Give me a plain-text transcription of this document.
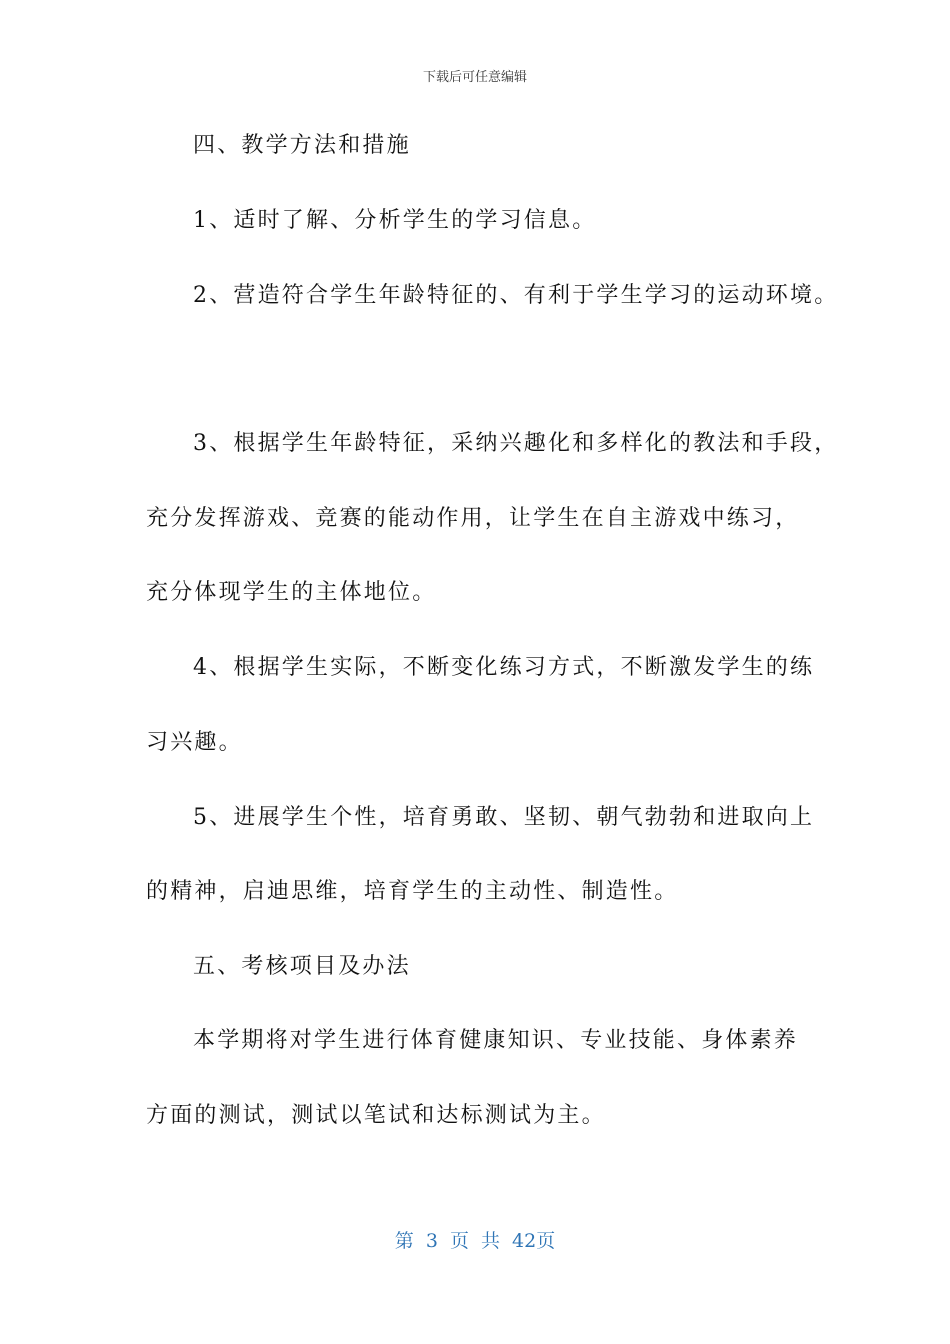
下载后可任意编辑
四、教学方法和措施
1、适时了解、分析学生的学习信息。
2、营造符合学生年龄特征的、有利于学生学习的运动环境。
3、根据学生年龄特征，采纳兴趣化和多样化的教法和手段，
充分发挥游戏、竞赛的能动作用，让学生在自主游戏中练习，
充分体现学生的主体地位。
4、根据学生实际，不断变化练习方式，不断激发学生的练
习兴趣。
5、进展学生个性，培育勇敢、坚韧、朝气勃勃和进取向上
的精神，启迪思维，培育学生的主动性、制造性。
五、考核项目及办法
本学期将对学生进行体育健康知识、专业技能、身体素养
方面的测试，测试以笔试和达标测试为主。
第 3 页 共 42页
